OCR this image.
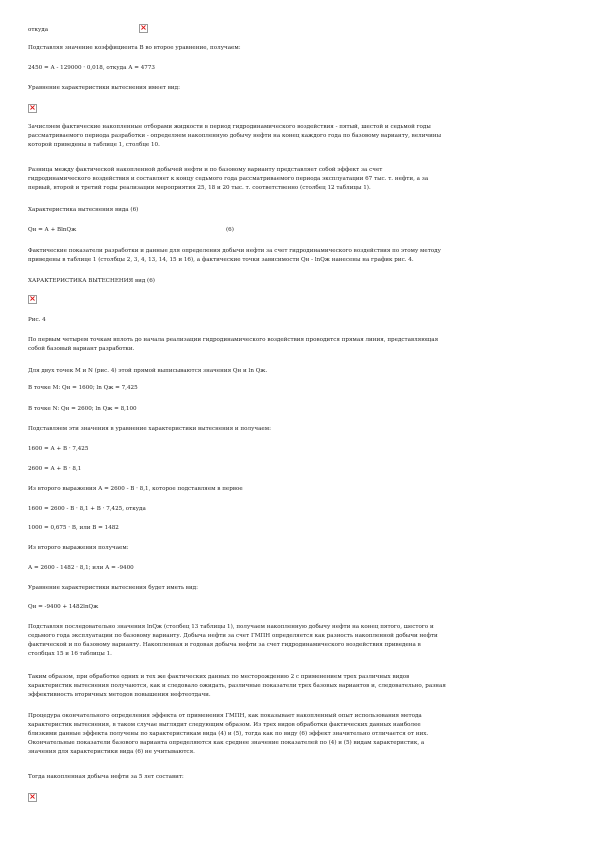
откуда
×
Подставляя значение коэффициента В во второе уравнение, получаем:
2450 = А - 129000 · 0,018, откуда А = 4773
Уравнение характеристики вытеснения имеет вид:
×
Зачисляем фактические накопленные отборами жидкости в период гидродинамического воздействия - пятый, шестой и седьмой годы
рассматриваемого периода разработки - определяем накопленную добычу нефти на конец каждого года по базовому варианту, величины
которой приведены в таблице 1, столбце 10.
Разница между фактической накопленной добычей нефти и по базовому варианту представляет собой эффект за счет
гидродинамического воздействия и составляет к концу седьмого года рассматриваемого периода эксплуатации 67 тыс. т. нефти, а за
первый, второй и третий годы реализации мероприятия 25, 18 и 20 тыс. т. соответственно (столбец 12 таблицы 1).
Характеристика вытеснения вида (6)
Qн = А + ВlnQж	(6)
Фактические показатели разработки и данные для определения добычи нефти за счет гидродинамического воздействия по этому методу
приведены в таблице 1 (столбцы 2, 3, 4, 13, 14, 15 и 16), а фактические точки зависимости Qн - lnQж нанесены на график рис. 4.
ХАРАКТЕРИСТИКА ВЫТЕСНЕНИЯ вид (6)
×
Рис. 4
По первым четырем точкам вплоть до начала реализации гидродинамического воздействия проводится прямая линия, представляющая
собой базовый вариант разработки.
Для двух точек M и N (рис. 4) этой прямой выписываются значения Qн и ln Qж.
В точке M: Qн = 1600; ln Qж = 7,425
В точке N: Qн = 2600; ln Qж = 8,100
Подставляем эти значения в уравнение характеристики вытеснения и получаем:
1600 = А + В · 7,425
2600 = А + В · 8,1
Из второго выражения А = 2600 - В · 8,1, которое подставляем в первое
1600 = 2600 - В · 8,1 + В · 7,425, откуда
1000 = 0,675 · В, или В = 1482
Из второго выражения получаем:
А = 2600 - 1482 · 8,1; или А = -9400
Уравнение характеристики вытеснения будет иметь вид:
Qн = -9400 + 1482lnQж
Подставляя последовательно значения lnQж (столбец 13 таблицы 1), получаем накопленную добычу нефти на конец пятого, шестого и
седьмого года эксплуатации по базовому варианту. Добыча нефти за счет ГМПН определяется как разность накопленной добычи нефти
фактической и по базовому варианту. Накопленная и годовая добыча нефти за счет гидродинамического воздействия приведена в
столбцах 15 и 16 таблицы 1.
Таким образом, при обработке одних и тех же фактических данных по месторождению 2 с применением трех различных видов
характеристик вытеснения получаются, как и следовало ожидать, различные показатели трех базовых вариантов и, следовательно, разная
эффективность вторичных методов повышения нефтеотдачи.
Процедура окончательного определения эффекта от применения ГМПН, как показывает накопленный опыт использования метода
характеристик вытеснения, в таком случае выглядит следующим образом. Из трех видов обработки фактических данных наиболее
близкими данные эффекта получены по характеристикам вида (4) и (5), тогда как по виду (6) эффект значительно отличается от них.
Окончательные показатели базового варианта определяются как среднее значение показателей по (4) и (5) видам характеристик, а
значения для характеристики вида (6) не учитываются.
Тогда накопленная добыча нефти за 5 лет составит:
×
